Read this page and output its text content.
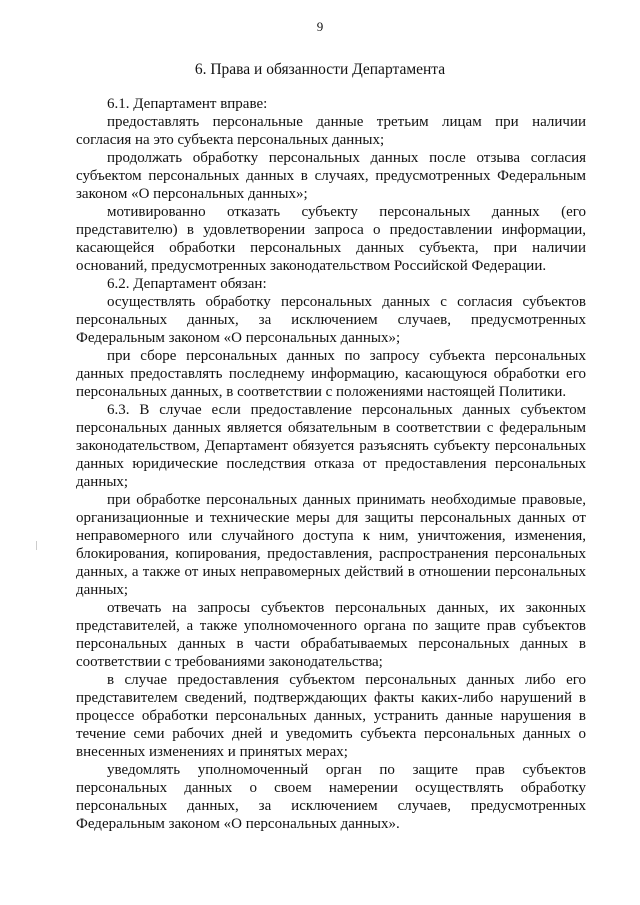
9
6. Права и обязанности Департамента

6.1. Департамент вправе:

предоставлять персональные данные третьим лицам при наличии согласия на это субъекта персональных данных;

продолжать обработку персональных данных после отзыва согласия субъектом персональных данных в случаях, предусмотренных Федеральным законом «О персональных данных»;

мотивированно отказать субъекту персональных данных (его представителю) в удовлетворении запроса о предоставлении информации, касающейся обработки персональных данных субъекта, при наличии оснований, предусмотренных законодательством Российской Федерации.

6.2. Департамент обязан:

осуществлять обработку персональных данных с согласия субъектов персональных данных, за исключением случаев, предусмотренных Федеральным законом «О персональных данных»;

при сборе персональных данных по запросу субъекта персональных данных предоставлять последнему информацию, касающуюся обработки его персональных данных, в соответствии с положениями настоящей Политики.

6.3. В случае если предоставление персональных данных субъектом персональных данных является обязательным в соответствии с федеральным законодательством, Департамент обязуется разъяснять субъекту персональных данных юридические последствия отказа от предоставления персональных данных;

при обработке персональных данных принимать необходимые правовые, организационные и технические меры для защиты персональных данных от неправомерного или случайного доступа к ним, уничтожения, изменения, блокирования, копирования, предоставления, распространения персональных данных, а также от иных неправомерных действий в отношении персональных данных;

отвечать на запросы субъектов персональных данных, их законных представителей, а также уполномоченного органа по защите прав субъектов персональных данных в части обрабатываемых персональных данных в соответствии с требованиями законодательства;

в случае предоставления субъектом персональных данных либо его представителем сведений, подтверждающих факты каких-либо нарушений в процессе обработки персональных данных, устранить данные нарушения в течение семи рабочих дней и уведомить субъекта персональных данных о внесенных изменениях и принятых мерах;

уведомлять уполномоченный орган по защите прав субъектов персональных данных о своем намерении осуществлять обработку персональных данных, за исключением случаев, предусмотренных Федеральным законом «О персональных данных».
